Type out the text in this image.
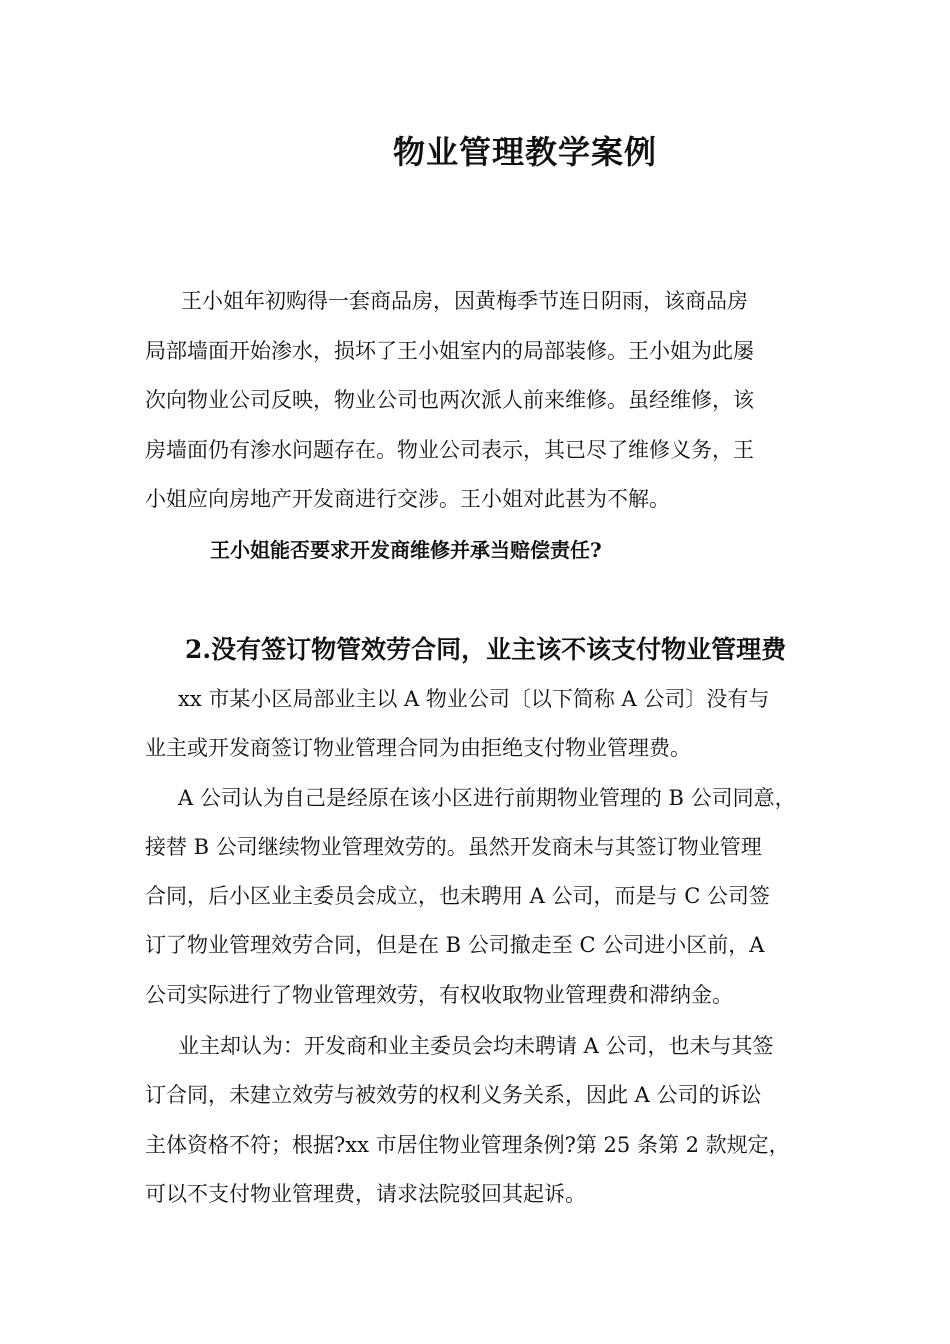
物业管理教学案例

　王小姐年初购得一套商品房，因黄梅季节连日阴雨，该商品房

局部墙面开始渗水，损坏了王小姐室内的局部装修。王小姐为此屡

次向物业公司反映，物业公司也两次派人前来维修。虽经维修，该

房墙面仍有渗水问题存在。物业公司表示，其已尽了维修义务，王

小姐应向房地产开发商进行交涉。王小姐对此甚为不解。

王小姐能否要求开发商维修并承当赔偿责任?

2.没有签订物管效劳合同，业主该不该支付物业管理费

xx 市某小区局部业主以 A 物业公司〔以下简称 A 公司〕没有与

业主或开发商签订物业管理合同为由拒绝支付物业管理费。

A 公司认为自己是经原在该小区进行前期物业管理的 B 公司同意，

接替 B 公司继续物业管理效劳的。虽然开发商未与其签订物业管理

合同，后小区业主委员会成立，也未聘用 A 公司，而是与 C 公司签

订了物业管理效劳合同，但是在 B 公司撤走至 C 公司进小区前，A

公司实际进行了物业管理效劳，有权收取物业管理费和滞纳金。

业主却认为：开发商和业主委员会均未聘请 A 公司，也未与其签

订合同，未建立效劳与被效劳的权利义务关系，因此 A 公司的诉讼

主体资格不符；根据?xx 市居住物业管理条例?第 25 条第 2 款规定，

可以不支付物业管理费，请求法院驳回其起诉。
